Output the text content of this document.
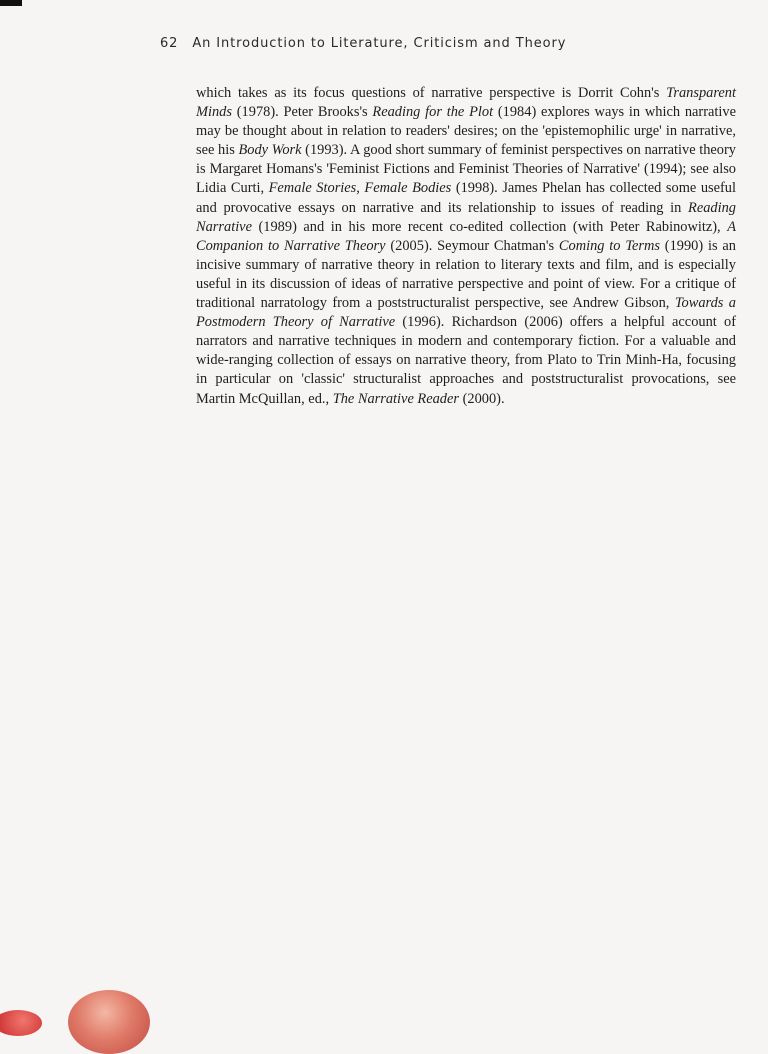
62 An Introduction to Literature, Criticism and Theory

which takes as its focus questions of narrative perspective is Dorrit Cohn's Transparent Minds (1978). Peter Brooks's Reading for the Plot (1984) explores ways in which narrative may be thought about in relation to readers' desires; on the 'epistemophilic urge' in narrative, see his Body Work (1993). A good short summary of feminist perspectives on narrative theory is Margaret Homans's 'Feminist Fictions and Feminist Theories of Narrative' (1994); see also Lidia Curti, Female Stories, Female Bodies (1998). James Phelan has collected some useful and provocative essays on narrative and its relationship to issues of reading in Reading Narrative (1989) and in his more recent co-edited collection (with Peter Rabinowitz), A Companion to Narrative Theory (2005). Seymour Chatman's Coming to Terms (1990) is an incisive summary of narrative theory in relation to literary texts and film, and is especially useful in its discussion of ideas of narrative perspective and point of view. For a critique of traditional narratology from a poststructuralist perspective, see Andrew Gibson, Towards a Postmodern Theory of Narrative (1996). Richardson (2006) offers a helpful account of narrators and narrative techniques in modern and contemporary fiction. For a valuable and wide-ranging collection of essays on narrative theory, from Plato to Trin Minh-Ha, focusing in particular on 'classic' structuralist approaches and poststructuralist provocations, see Martin McQuillan, ed., The Narrative Reader (2000).
